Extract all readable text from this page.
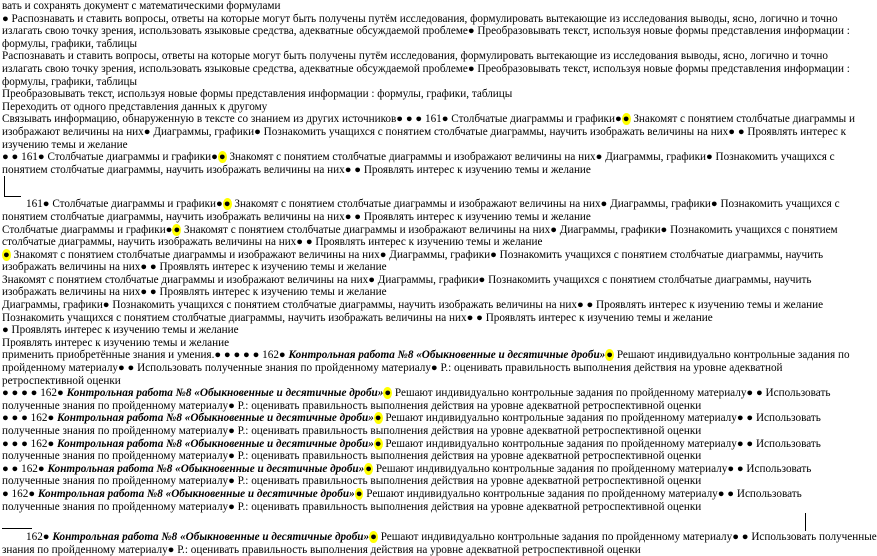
вать и сохранять документ с математическими формулами
● Распознавать и ставить вопросы, ответы на которые могут быть получены путём исследования, формулировать вытекающие из исследования выводы, ясно, логично и точно
излагать свою точку зрения, использовать языковые средства, адекватные обсуждаемой проблеме● Преобразовывать текст, используя новые формы представления информации :
формулы, графики, таблицы
Распознавать и ставить вопросы, ответы на которые могут быть получены путём исследования, формулировать вытекающие из исследования выводы, ясно, логично и точно
излагать свою точку зрения, использовать языковые средства, адекватные обсуждаемой проблеме● Преобразовывать текст, используя новые формы представления информации :
формулы, графики, таблицы
Преобразовывать текст, используя новые формы представления информации : формулы, графики, таблицы
Переходить от одного представления данных к другому
Связывать информацию, обнаруженную в тексте со знанием из других источников● ● ● 161● Столбчатые диаграммы и графики●● Знакомят с понятием столбчатые диаграммы и
изображают величины на них● Диаграммы, графики● Познакомить учащихся с понятием столбчатые диаграммы, научить изображать величины на них● ● Проявлять интерес к
изучению темы и желание
● ● 161● Столбчатые диаграммы и графики●● Знакомят с понятием столбчатые диаграммы и изображают величины на них● Диаграммы, графики● Познакомить учащихся с
понятием столбчатые диаграммы, научить изображать величины на них● ● Проявлять интерес к изучению темы и желание
161● Столбчатые диаграммы и графики●● Знакомят с понятием столбчатые диаграммы и изображают величины на них● Диаграммы, графики● Познакомить учащихся с
понятием столбчатые диаграммы, научить изображать величины на них● ● Проявлять интерес к изучению темы и желание
Столбчатые диаграммы и графики●● Знакомят с понятием столбчатые диаграммы и изображают величины на них● Диаграммы, графики● Познакомить учащихся с понятием
столбчатые диаграммы, научить изображать величины на них● ● Проявлять интерес к изучению темы и желание
● Знакомят с понятием столбчатые диаграммы и изображают величины на них● Диаграммы, графики● Познакомить учащихся с понятием столбчатые диаграммы, научить
изображать величины на них● ● Проявлять интерес к изучению темы и желание
Знакомят с понятием столбчатые диаграммы и изображают величины на них● Диаграммы, графики● Познакомить учащихся с понятием столбчатые диаграммы, научить
изображать величины на них● ● Проявлять интерес к изучению темы и желание
Диаграммы, графики● Познакомить учащихся с понятием столбчатые диаграммы, научить изображать величины на них● ● Проявлять интерес к изучению темы и желание
Познакомить учащихся с понятием столбчатые диаграммы, научить изображать величины на них● ● Проявлять интерес к изучению темы и желание
● Проявлять интерес к изучению темы и желание
Проявлять интерес к изучению темы и желание
применить приобретённые знания и умения.● ● ● ● ● 162● Контрольная работа №8 «Обыкновенные и десятичные дроби»● Решают индивидуально контрольные задания по
пройденному материалу● ● Использовать полученные знания по пройденному материалу● Р.: оценивать правильность выполнения действия на уровне адекватной
ретроспективной оценки
● ● ● ● 162● Контрольная работа №8 «Обыкновенные и десятичные дроби»● Решают индивидуально контрольные задания по пройденному материалу● ● Использовать
полученные знания по пройденному материалу● Р.: оценивать правильность выполнения действия на уровне адекватной ретроспективной оценки
● ● ● 162● Контрольная работа №8 «Обыкновенные и десятичные дроби»● Решают индивидуально контрольные задания по пройденному материалу● ● Использовать
полученные знания по пройденному материалу● Р.: оценивать правильность выполнения действия на уровне адекватной ретроспективной оценки
● ● ● 162● Контрольная работа №8 «Обыкновенные и десятичные дроби»● Решают индивидуально контрольные задания по пройденному материалу● ● Использовать
полученные знания по пройденному материалу● Р.: оценивать правильность выполнения действия на уровне адекватной ретроспективной оценки
● ● 162● Контрольная работа №8 «Обыкновенные и десятичные дроби»● Решают индивидуально контрольные задания по пройденному материалу● ● Использовать
полученные знания по пройденному материалу● Р.: оценивать правильность выполнения действия на уровне адекватной ретроспективной оценки
● 162● Контрольная работа №8 «Обыкновенные и десятичные дроби»● Решают индивидуально контрольные задания по пройденному материалу● ● Использовать
полученные знания по пройденному материалу● Р.: оценивать правильность выполнения действия на уровне адекватной ретроспективной оценки
162● Контрольная работа №8 «Обыкновенные и десятичные дроби»● Решают индивидуально контрольные задания по пройденному материалу● ● Использовать полученные
знания по пройденному материалу● Р.: оценивать правильность выполнения действия на уровне адекватной ретроспективной оценки
